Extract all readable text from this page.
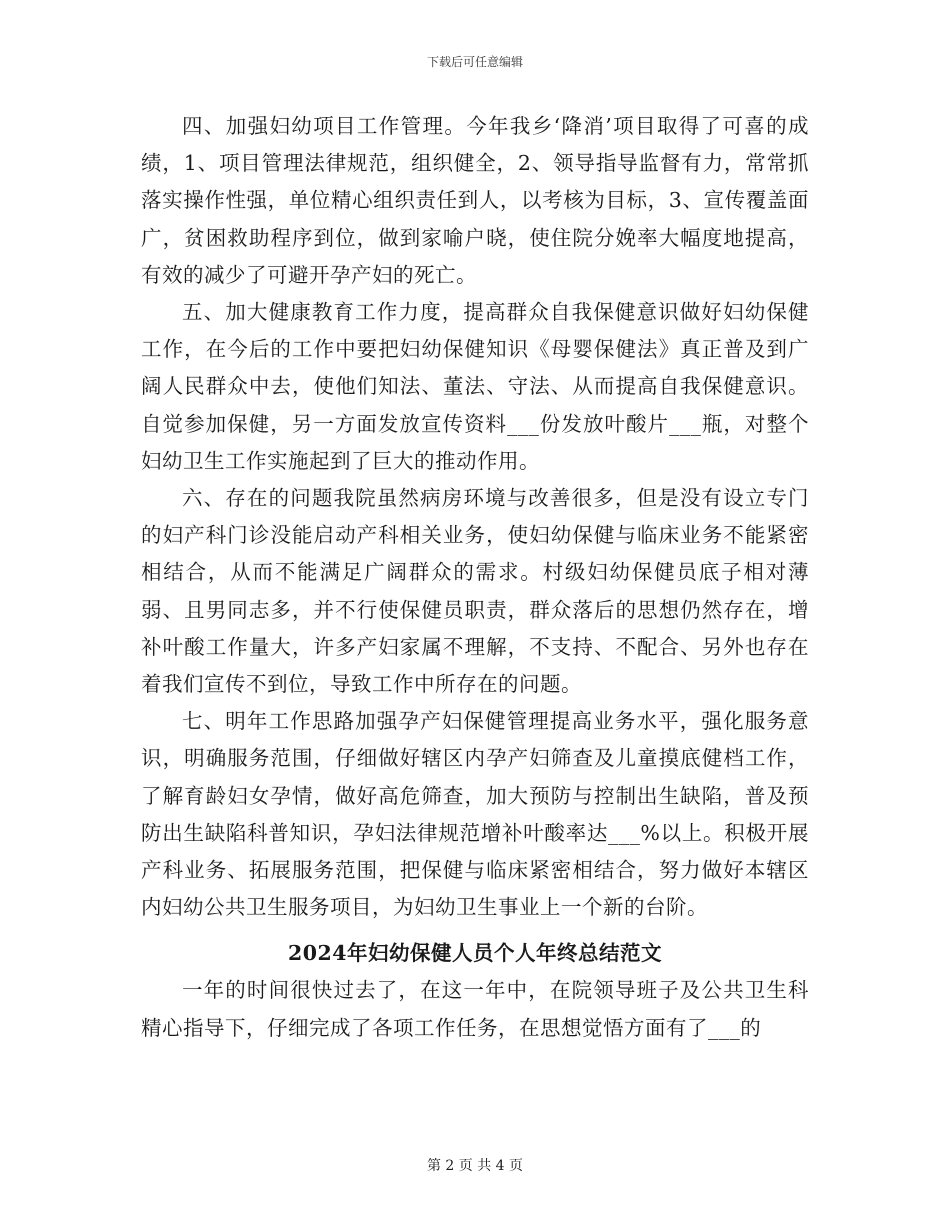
下载后可任意编辑

四、加强妇幼项目工作管理。今年我乡‘降消’项目取得了可喜的成绩，1、项目管理法律规范，组织健全，2、领导指导监督有力，常常抓落实操作性强，单位精心组织责任到人，以考核为目标，3、宣传覆盖面广，贫困救助程序到位，做到家喻户晓，使住院分娩率大幅度地提高，有效的减少了可避开孕产妇的死亡。

五、加大健康教育工作力度，提高群众自我保健意识做好妇幼保健工作，在今后的工作中要把妇幼保健知识《母婴保健法》真正普及到广阔人民群众中去，使他们知法、董法、守法、从而提高自我保健意识。自觉参加保健，另一方面发放宣传资料___份发放叶酸片___瓶，对整个妇幼卫生工作实施起到了巨大的推动作用。

六、存在的问题我院虽然病房环境与改善很多，但是没有设立专门的妇产科门诊没能启动产科相关业务，使妇幼保健与临床业务不能紧密相结合，从而不能满足广阔群众的需求。村级妇幼保健员底子相对薄弱、且男同志多，并不行使保健员职责，群众落后的思想仍然存在，增补叶酸工作量大，许多产妇家属不理解，不支持、不配合、另外也存在着我们宣传不到位，导致工作中所存在的问题。

七、明年工作思路加强孕产妇保健管理提高业务水平，强化服务意识，明确服务范围，仔细做好辖区内孕产妇筛查及儿童摸底健档工作，了解育龄妇女孕情，做好高危筛查，加大预防与控制出生缺陷，普及预防出生缺陷科普知识，孕妇法律规范增补叶酸率达___%以上。积极开展产科业务、拓展服务范围，把保健与临床紧密相结合，努力做好本辖区内妇幼公共卫生服务项目，为妇幼卫生事业上一个新的台阶。

2024年妇幼保健人员个人年终总结范文

一年的时间很快过去了，在这一年中，在院领导班子及公共卫生科精心指导下，仔细完成了各项工作任务，在思想觉悟方面有了___的

第 2 页 共 4 页
